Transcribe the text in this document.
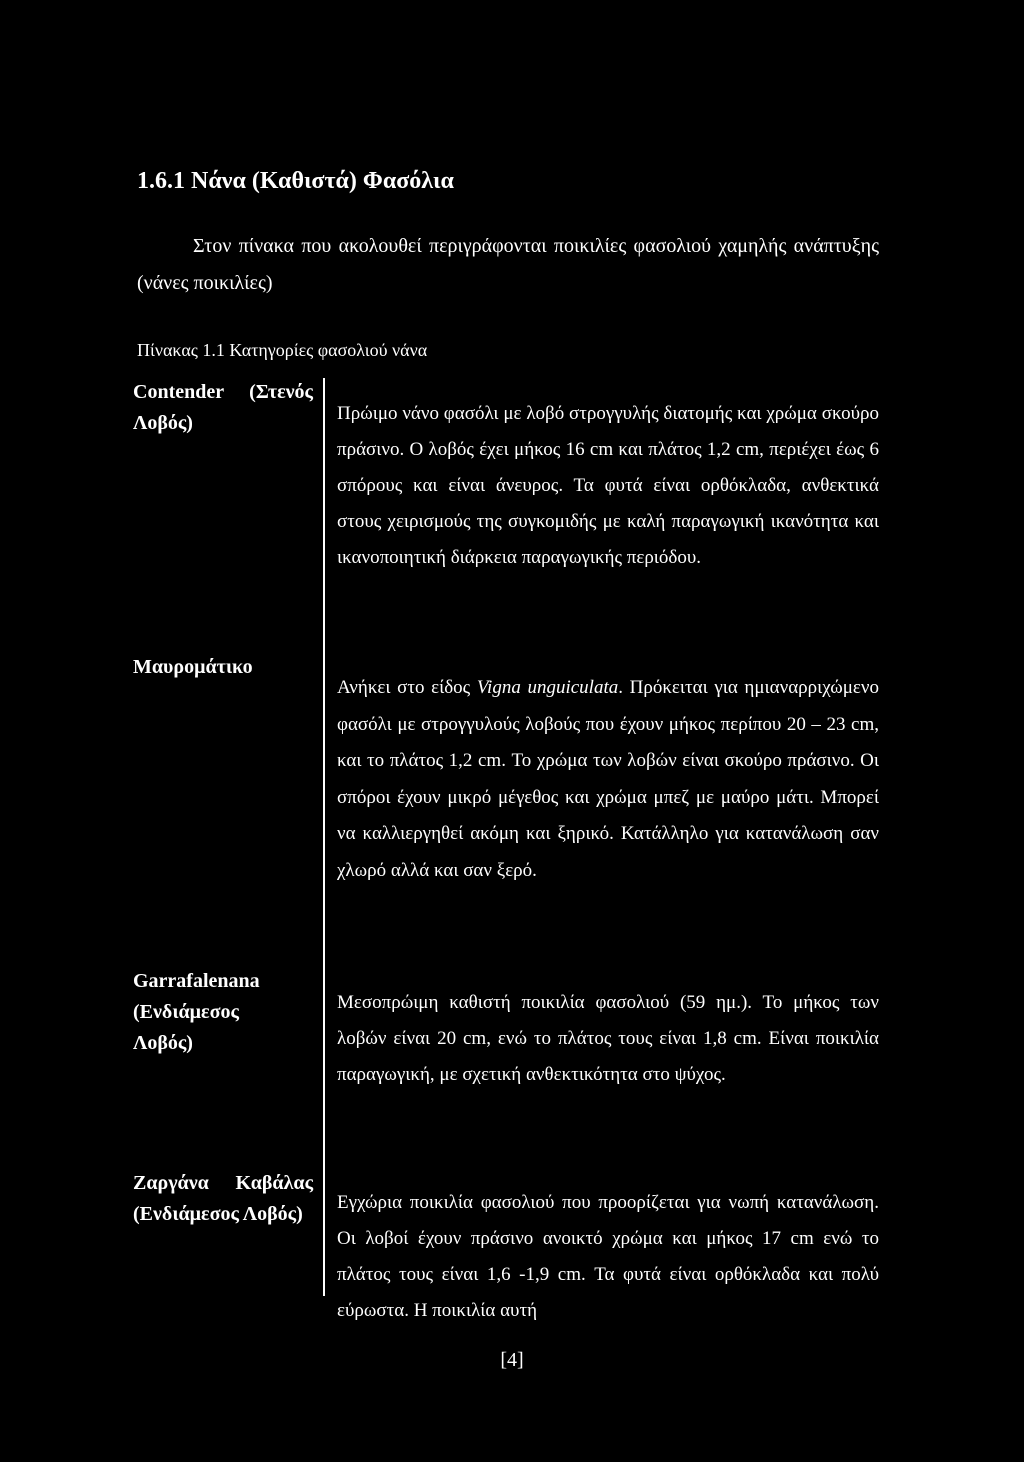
1.6.1 Νάνα (Καθιστά) Φασόλια
Στον πίνακα που ακολουθεί περιγράφονται ποικιλίες φασολιού χαμηλής ανάπτυξης (νάνες ποικιλίες)
Πίνακας 1.1 Κατηγορίες φασολιού νάνα
Contender (Στενός Λοβός)	Πρώιμο νάνο φασόλι με λοβό στρογγυλής διατομής και χρώμα σκούρο πράσινο. Ο λοβός έχει μήκος 16 cm και πλάτος 1,2 cm, περιέχει έως 6 σπόρους και είναι άνευρος. Τα φυτά είναι ορθόκλαδα, ανθεκτικά στους χειρισμούς της συγκομιδής με καλή παραγωγική ικανότητα και ικανοποιητική διάρκεια παραγωγικής περιόδου.
Μαυρομάτικο
Ανήκει στο είδος Vigna unguiculata. Πρόκειται για ημιαναρριχώμενο φασόλι με στρογγυλούς λοβούς που έχουν μήκος περίπου 20 – 23 cm, και το πλάτος 1,2 cm. Το χρώμα των λοβών είναι σκούρο πράσινο. Οι σπόροι έχουν μικρό μέγεθος και χρώμα μπεζ με μαύρο μάτι. Μπορεί να καλλιεργηθεί ακόμη και ξηρικό. Κατάλληλο για κατανάλωση σαν χλωρό αλλά και σαν ξερό.
Garrafalenana (Ενδιάμεσος Λοβός)
Μεσοπρώιμη καθιστή ποικιλία φασολιού (59 ημ.). Το μήκος των λοβών είναι 20 cm, ενώ το πλάτος τους είναι 1,8 cm. Είναι ποικιλία παραγωγική, με σχετική ανθεκτικότητα στο ψύχος.
Ζαργάνα Καβάλας (Ενδιάμεσος Λοβός)
Εγχώρια ποικιλία φασολιού που προορίζεται για νωπή κατανάλωση. Οι λοβοί έχουν πράσινο ανοικτό χρώμα και μήκος 17 cm ενώ το πλάτος τους είναι 1,6 -1,9 cm. Τα φυτά είναι ορθόκλαδα και πολύ εύρωστα. Η ποικιλία αυτή
[4]
